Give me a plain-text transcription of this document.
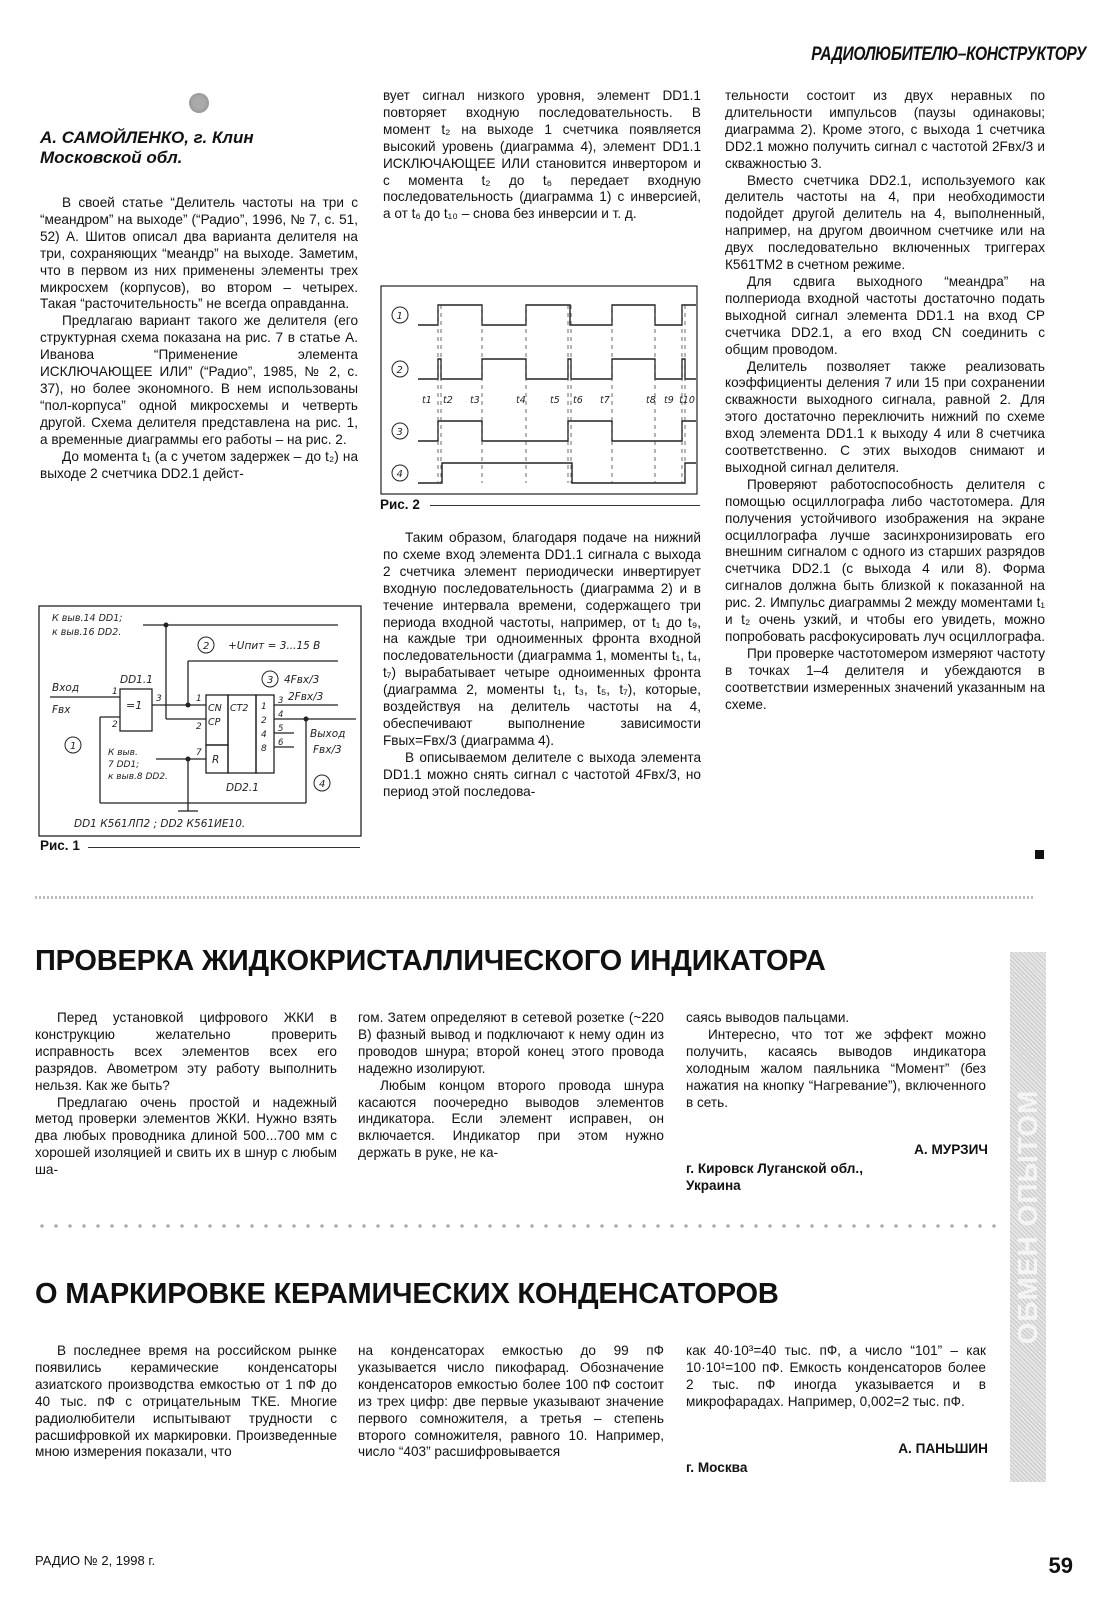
РАДИОЛЮБИТЕЛЮ–КОНСТРУКТОРУ
А. САМОЙЛЕНКО, г. Клин
Московской обл.

В своей статье “Делитель частоты на три с “меандром” на выходе” (“Радио”, 1996, № 7, с. 51, 52) А. Шитов описал два варианта делителя на три, сохраняющих “меандр” на выходе. Заметим, что в первом из них применены элементы трех микросхем (корпусов), во втором – четырех. Такая “расточительность” не всегда оправданна.

Предлагаю вариант такого же делителя (его структурная схема показана на рис. 7 в статье А. Иванова “Применение элемента ИСКЛЮЧАЮЩЕЕ ИЛИ” (“Радио”, 1985, № 2, с. 37), но более экономного. В нем использованы “пол-корпуса” одной микросхемы и четверть другой. Схема делителя представлена на рис. 1, а временные диаграммы его работы – на рис. 2.

До момента t₁ (а с учетом задержек – до t₂) на выходе 2 счетчика DD2.1 дейст-

К выв.14 DD1;
к выв.16 DD2.
+Uпит = 3...15 В
DD1.1
=1
Вход
Fвх
4Fвх/3
2Fвх/3
CN
CP
CT2
R
Выход
Fвх/3
К выв.
7 DD1;
к выв.8 DD2.
DD2.1
DD1 К561ЛП2 ; DD2 К561ИЕ10.
1
2
3	1
2
7
1
2
4
8
3
4
5
6
2
3
1
4
Рис. 1

вует сигнал низкого уровня, элемент DD1.1 повторяет входную последовательность. В момент t₂ на выходе 1 счетчика появляется высокий уровень (диаграмма 4), элемент DD1.1 ИСКЛЮЧАЮЩЕЕ ИЛИ становится инвертором и с момента t₂ до t₆ передает входную последовательность (диаграмма 1) с инверсией, а от t₆ до t₁₀ – снова без инверсии и т. д.

1
2
3
4
t1 t2 t3	t4	t5 t6 t7	t8 t9 t10
Рис. 2

Таким образом, благодаря подаче на нижний по схеме вход элемента DD1.1 сигнала с выхода 2 счетчика элемент периодически инвертирует входную последовательность (диаграмма 2) и в течение интервала времени, содержащего три периода входной частоты, например, от t₁ до t₉, на каждые три одноименных фронта входной последовательности (диаграмма 1, моменты t₁, t₄, t₇) вырабатывает четыре одноименных фронта (диаграмма 2, моменты t₁, t₃, t₅, t₇), которые, воздействуя на делитель частоты на 4, обеспечивают выполнение зависимости Fвых=Fвх/3 (диаграмма 4).

В описываемом делителе с выхода элемента DD1.1 можно снять сигнал с частотой 4Fвх/3, но период этой последова-

тельности состоит из двух неравных по длительности импульсов (паузы одинаковы; диаграмма 2). Кроме этого, с выхода 1 счетчика DD2.1 можно получить сигнал с частотой 2Fвх/3 и скважностью 3.

Вместо счетчика DD2.1, используемого как делитель частоты на 4, при необходимости подойдет другой делитель на 4, выполненный, например, на другом двоичном счетчике или на двух последовательно включенных триггерах К561ТМ2 в счетном режиме.

Для сдвига выходного “меандра” на полпериода входной частоты достаточно подать выходной сигнал элемента DD1.1 на вход CP счетчика DD2.1, а его вход CN соединить с общим проводом.

Делитель позволяет также реализовать коэффициенты деления 7 или 15 при сохранении скважности выходного сигнала, равной 2. Для этого достаточно переключить нижний по схеме вход элемента DD1.1 к выходу 4 или 8 счетчика соответственно. С этих выходов снимают и выходной сигнал делителя.

Проверяют работоспособность делителя с помощью осциллографа либо частотомера. Для получения устойчивого изображения на экране осциллографа лучше засинхронизировать его внешним сигналом с одного из старших разрядов счетчика DD2.1 (с выхода 4 или 8). Форма сигналов должна быть близкой к показанной на рис. 2. Импульс диаграммы 2 между моментами t₁ и t₂ очень узкий, и чтобы его увидеть, можно попробовать расфокусировать луч осциллографа.

При проверке частотомером измеряют частоту в точках 1–4 делителя и убеждаются в соответствии измеренных значений указанным на схеме.

ПРОВЕРКА ЖИДКОКРИСТАЛЛИЧЕСКОГО ИНДИКАТОРА

Перед установкой цифрового ЖКИ в конструкцию желательно проверить исправность всех элементов всех его разрядов. Авометром эту работу выполнить нельзя. Как же быть?

Предлагаю очень простой и надежный метод проверки элементов ЖКИ. Нужно взять два любых проводника длиной 500...700 мм с хорошей изоляцией и свить их в шнур с любым ша-

гом. Затем определяют в сетевой розетке (~220 В) фазный вывод и подключают к нему один из проводов шнура; второй конец этого провода надежно изолируют.

Любым концом второго провода шнура касаются поочередно выводов элементов индикатора. Если элемент исправен, он включается. Индикатор при этом нужно держать в руке, не ка-

саясь выводов пальцами.

Интересно, что тот же эффект можно получить, касаясь выводов индикатора холодным жалом паяльника “Момент” (без нажатия на кнопку “Нагревание”), включенного в сеть.

А. МУРЗИЧ
г. Кировск Луганской обл.,
Украина
О МАРКИРОВКЕ КЕРАМИЧЕСКИХ КОНДЕНСАТОРОВ

В последнее время на российском рынке появились керамические конденсаторы азиатского производства емкостью от 1 пФ до 40 тыс. пФ с отрицательным ТКЕ. Многие радиолюбители испытывают трудности с расшифровкой их маркировки. Произведенные мною измерения показали, что

на конденсаторах емкостью до 99 пФ указывается число пикофарад. Обозначение конденсаторов емкостью более 100 пФ состоит из трех цифр: две первые указывают значение первого сомножителя, а третья – степень второго сомножителя, равного 10. Например, число “403” расшифровывается

как 40·10³=40 тыс. пФ, а число “101” – как 10·10¹=100 пФ. Емкость конденсаторов более 2 тыс. пФ иногда указывается и в микрофарадах. Например, 0,002=2 тыс. пФ.

А. ПАНЬШИН
г. Москва
ОБМЕН ОПЫТОМ
РАДИО № 2, 1998 г.	59
